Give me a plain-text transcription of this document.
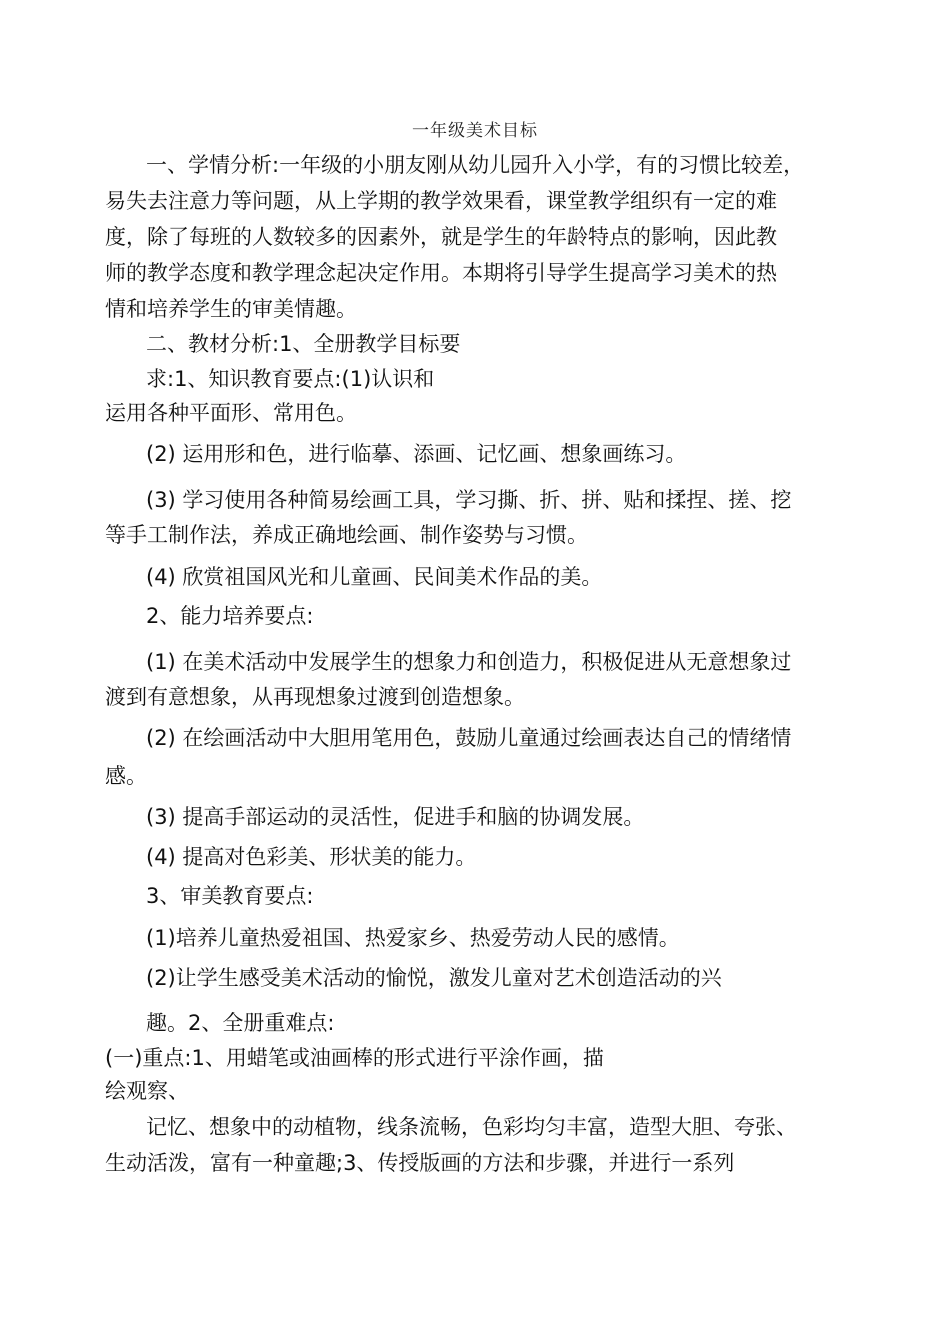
一年级美术目标
一、学情分析:一年级的小朋友刚从幼儿园升入小学，有的习惯比较差，
易失去注意力等问题，从上学期的教学效果看，课堂教学组织有一定的难
度，除了每班的人数较多的因素外，就是学生的年龄特点的影响，因此教
师的教学态度和教学理念起决定作用。本期将引导学生提高学习美术的热
情和培养学生的审美情趣。
二、教材分析:1、全册教学目标要
求:1、知识教育要点:(1)认识和
运用各种平面形、常用色。
(2) 运用形和色，进行临摹、添画、记忆画、想象画练习。
(3) 学习使用各种简易绘画工具，学习撕、折、拼、贴和揉捏、搓、挖
等手工制作法，养成正确地绘画、制作姿势与习惯。
(4) 欣赏祖国风光和儿童画、民间美术作品的美。
2、能力培养要点:
(1) 在美术活动中发展学生的想象力和创造力，积极促进从无意想象过
渡到有意想象，从再现想象过渡到创造想象。
(2) 在绘画活动中大胆用笔用色，鼓励儿童通过绘画表达自己的情绪情
感。
(3) 提高手部运动的灵活性，促进手和脑的协调发展。
(4) 提高对色彩美、形状美的能力。
3、审美教育要点:
(1)培养儿童热爱祖国、热爱家乡、热爱劳动人民的感情。
(2)让学生感受美术活动的愉悦，激发儿童对艺术创造活动的兴
趣。2、全册重难点:
(一)重点:1、用蜡笔或油画棒的形式进行平涂作画，描
绘观察、
记忆、想象中的动植物，线条流畅，色彩均匀丰富，造型大胆、夸张、
生动活泼，富有一种童趣;3、传授版画的方法和步骤，并进行一系列
